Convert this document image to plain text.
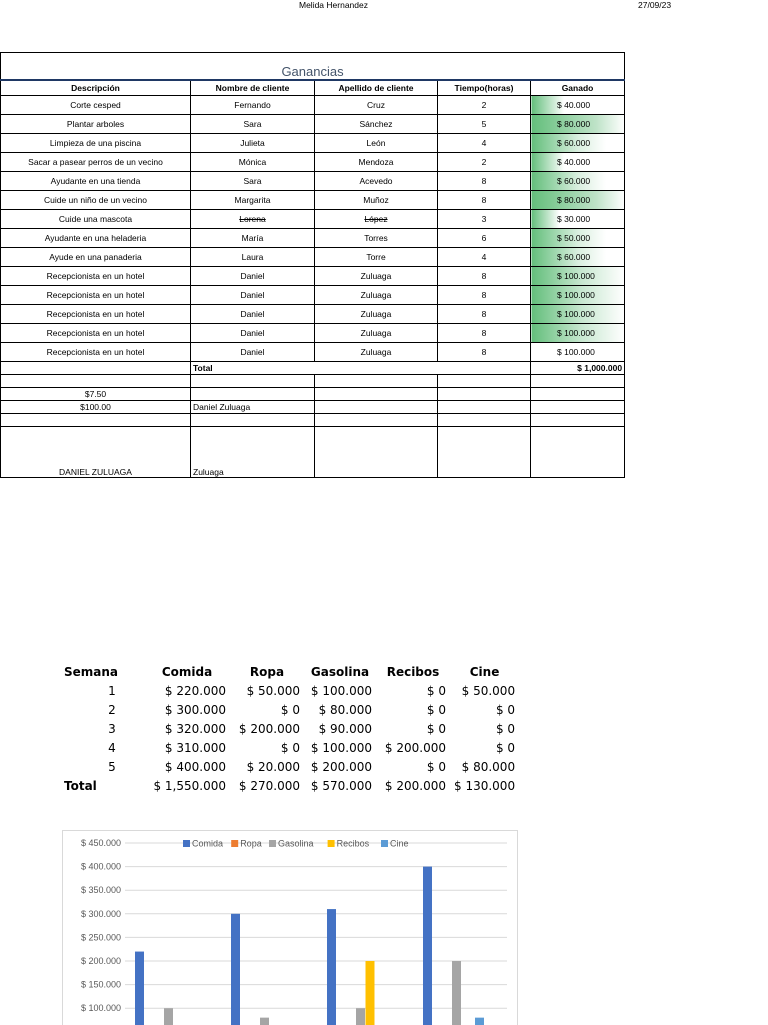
Melida Hernandez	27/09/23
Ganancias				
Descripción	Nombre de cliente	Apellido de cliente	Tiempo(horas)	Ganado
Corte cesped	Fernando	Cruz	2	$ 40.000
Plantar arboles	Sara	Sánchez	5	$ 80.000
Limpieza de una piscina	Julieta	León	4	$ 60.000
Sacar a pasear perros de un vecino	Mónica	Mendoza	2	$ 40.000
Ayudante en una tienda	Sara	Acevedo	8	$ 60.000
Cuide un niño de un vecino	Margarita	Muñoz	8	$ 80.000
Cuide una mascota	Lorena	López	3	$ 30.000
Ayudante en una heladeria	María	Torres	6	$ 50.000
Ayude en una panaderia	Laura	Torre	4	$ 60.000
Recepcionista en un hotel	Daniel	Zuluaga	8	$ 100.000
Recepcionista en un hotel	Daniel	Zuluaga	8	$ 100.000
Recepcionista en un hotel	Daniel	Zuluaga	8	$ 100.000
Recepcionista en un hotel	Daniel	Zuluaga	8	$ 100.000
Recepcionista en un hotel	Daniel	Zuluaga	8	$ 100.000
	Total			$ 1,000.000

$7.50				
$100.00	Daniel Zuluaga			

DANIEL ZULUAGA	Zuluaga			
Semana	Comida	Ropa	Gasolina	Recibos	Cine
1	$ 220.000	$ 50.000	$ 100.000	$ 0	$ 50.000
2	$ 300.000	$ 0	$ 80.000	$ 0	$ 0
3	$ 320.000	$ 200.000	$ 90.000	$ 0	$ 0
4	$ 310.000	$ 0	$ 100.000	$ 200.000	$ 0
5	$ 400.000	$ 20.000	$ 200.000	$ 0	$ 80.000
Total	$ 1,550.000	$ 270.000	$ 570.000	$ 200.000	$ 130.000
$ 450.000
$ 400.000
$ 350.000
$ 300.000
$ 250.000
$ 200.000
$ 150.000
$ 100.000
Comida Ropa Gasolina	Recibos Cine
